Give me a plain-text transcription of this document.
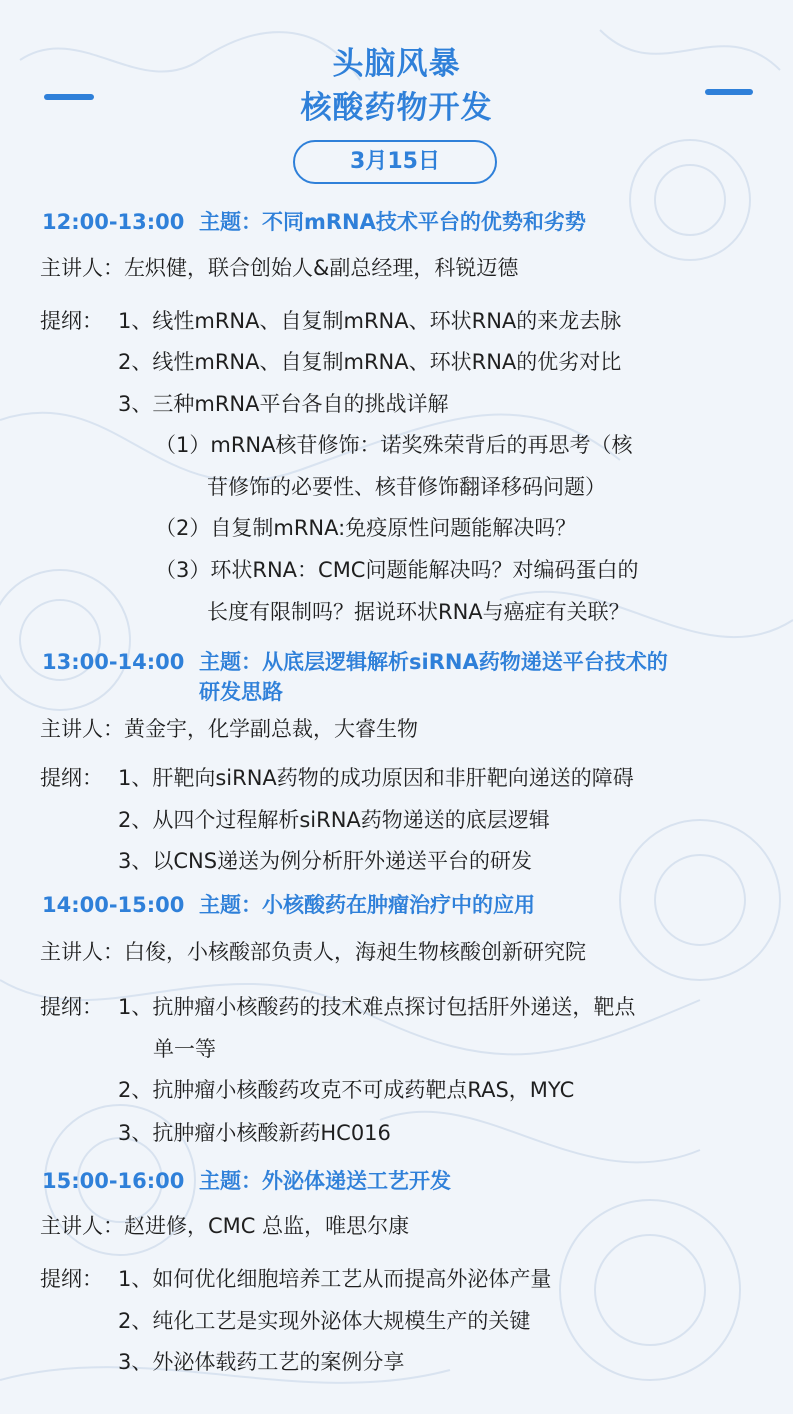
头脑风暴
核酸药物开发
3月15日
12:00-13:00 主题：不同mRNA技术平台的优势和劣势
主讲人：左炽健，联合创始人&副总经理，科锐迈德
提纲： 1、线性mRNA、自复制mRNA、环状RNA的来龙去脉
2、线性mRNA、自复制mRNA、环状RNA的优劣对比
3、三种mRNA平台各自的挑战详解
（1）mRNA核苷修饰：诺奖殊荣背后的再思考（核
苷修饰的必要性、核苷修饰翻译移码问题）
（2）自复制mRNA:免疫原性问题能解决吗？
（3）环状RNA：CMC问题能解决吗？对编码蛋白的
长度有限制吗？据说环状RNA与癌症有关联？
13:00-14:00 主题：从底层逻辑解析siRNA药物递送平台技术的
研发思路
主讲人：黄金宇，化学副总裁，大睿生物
提纲： 1、肝靶向siRNA药物的成功原因和非肝靶向递送的障碍
2、从四个过程解析siRNA药物递送的底层逻辑
3、以CNS递送为例分析肝外递送平台的研发
14:00-15:00 主题：小核酸药在肿瘤治疗中的应用
主讲人：白俊，小核酸部负责人，海昶生物核酸创新研究院
提纲： 1、抗肿瘤小核酸药的技术难点探讨包括肝外递送，靶点
单一等
2、抗肿瘤小核酸药攻克不可成药靶点RAS，MYC
3、抗肿瘤小核酸新药HC016
15:00-16:00 主题：外泌体递送工艺开发
主讲人：赵进修，CMC 总监，唯思尔康
提纲： 1、如何优化细胞培养工艺从而提高外泌体产量
2、纯化工艺是实现外泌体大规模生产的关键
3、外泌体载药工艺的案例分享
